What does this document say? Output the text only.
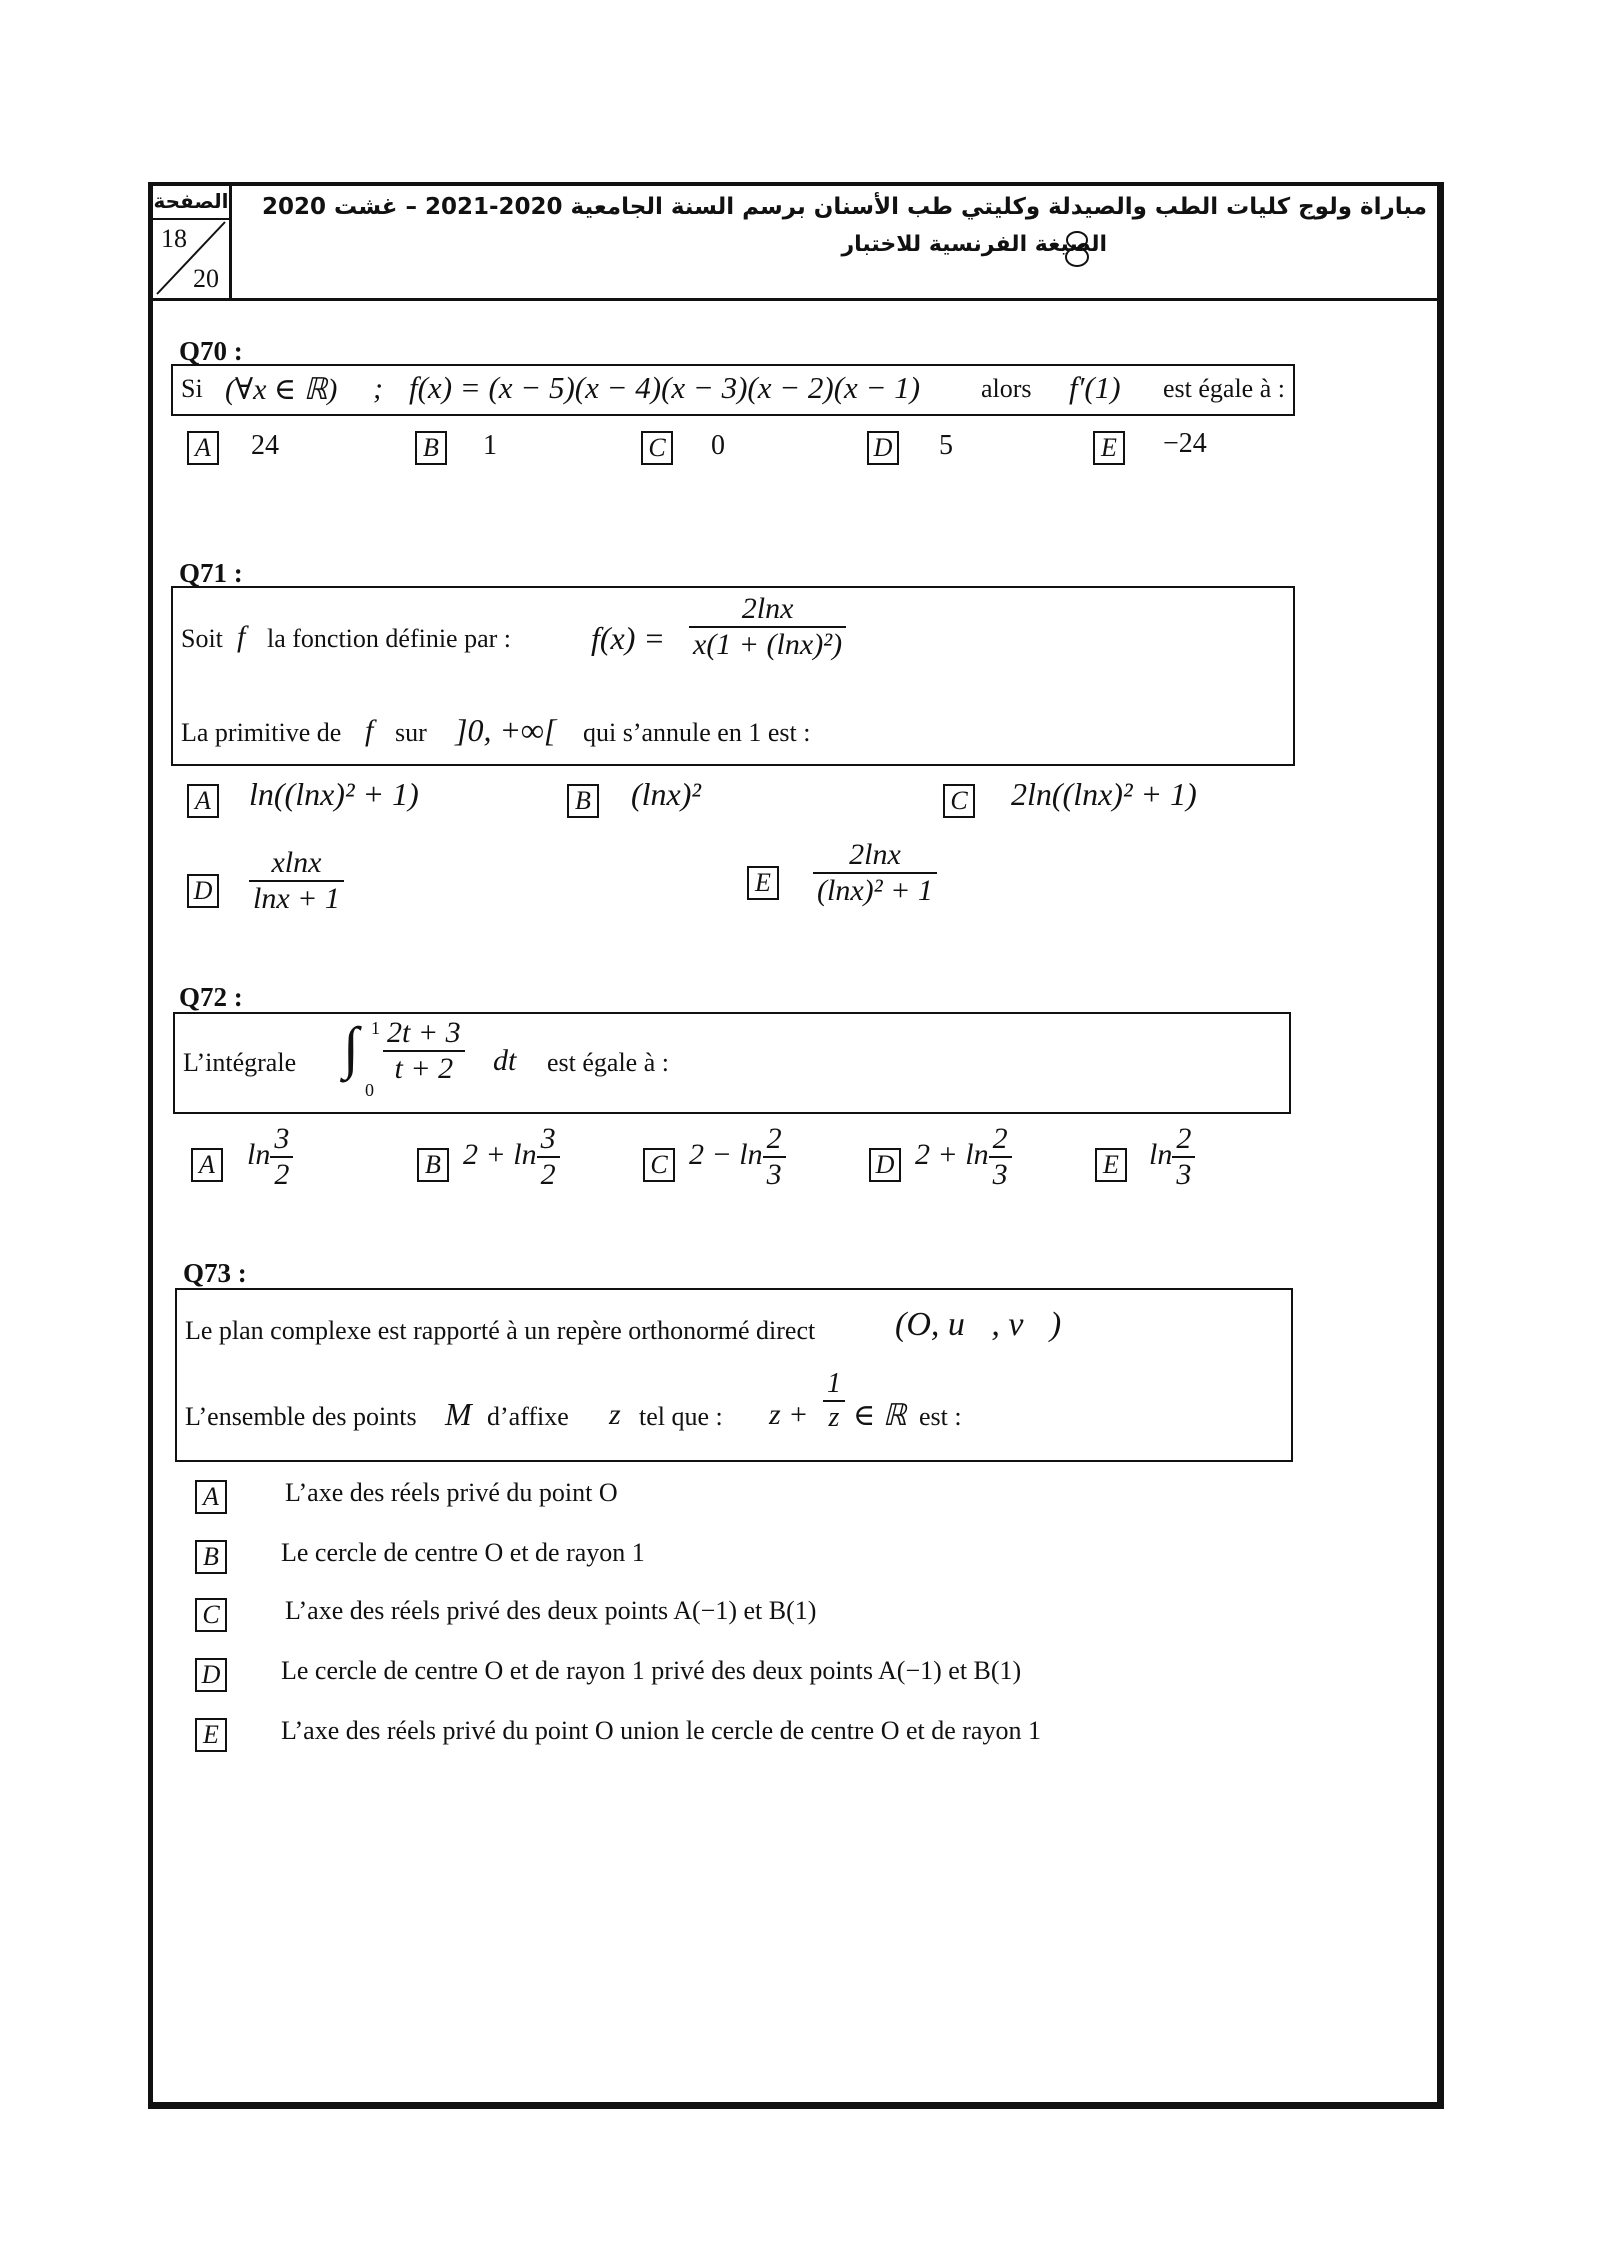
الصفحة
18
20
مباراة ولوج كليات الطب والصيدلة وكليتي طب الأسنان برسم السنة الجامعية 2020-2021 – غشت 2020
الصيغة الفرنسية للاختبار
Q70 :
Si (∀x ∈ ℝ) ; f(x) = (x − 5)(x − 4)(x − 3)(x − 2)(x − 1) alors f′(1) est égale à :
A 24	B 1	C 0	D 5	E −24
Q71 :
Soit f la fonction définie par : $f(x) = \frac{2\ln x}{\text{x(1 + (lnx)²)}}$
La primitive de f sur ]0, +∞[ qui s’annule en 1 est :
A ln((lnx)² + 1)	B (lnx)²	C 2ln((lnx)² + 1)
D $\frac{xlnx}{\ln x + 1}$	E $\frac{2\ln x}{\text{(lnx)² + 1}}$
Q72 :
L’intégrale ∫ 1
0
$\frac{2t + 3}{t + 2}$ dt est égale à :
A $\ln \frac{3}{2}$	B $2 + \ln \frac{3}{2}$	C $2 - \ln \frac{2}{3}$	D $2 + \ln \frac{2}{3}$	E $\ln \frac{2}{3}$
Q73 :
Le plan complexe est rapporté à un repère orthonormé direct (O, u⃗, v⃗)
L’ensemble des points M d’affixe z tel que : $z + \frac{1}{z}$ ∈ ℝ est :
A	L’axe des réels privé du point O
B	Le cercle de centre O et de rayon 1
C	L’axe des réels privé des deux points A(−1) et B(1)
D Le cercle de centre O et de rayon 1 privé des deux points A(−1) et B(1)
E	L’axe des réels privé du point O union le cercle de centre O et de rayon 1
